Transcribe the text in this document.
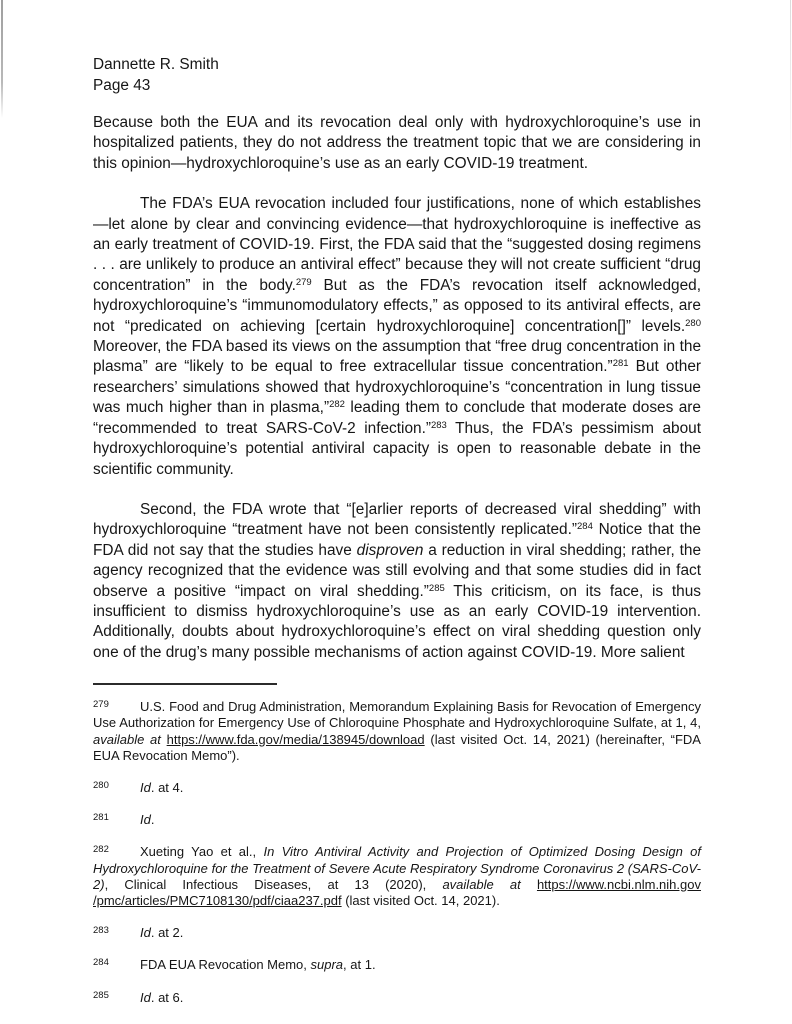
Dannette R. Smith
Page 43

Because both the EUA and its revocation deal only with hydroxychloroquine’s use in hospitalized patients, they do not address the treatment topic that we are considering in this opinion—hydroxychloroquine’s use as an early COVID-19 treatment.

The FDA’s EUA revocation included four justifications, none of which establishes—let alone by clear and convincing evidence—that hydroxychloroquine is ineffective as an early treatment of COVID-19. First, the FDA said that the “suggested dosing regimens . . . are unlikely to produce an antiviral effect” because they will not create sufficient “drug concentration” in the body.$^{279}$ But as the FDA’s revocation itself acknowledged, hydroxychloroquine’s “immunomodulatory effects,” as opposed to its antiviral effects, are not “predicated on achieving [certain hydroxychloroquine] concentration[]” levels.$^{280}$ Moreover, the FDA based its views on the assumption that “free drug concentration in the plasma” are “likely to be equal to free extracellular tissue concentration.”$^{281}$ But other researchers’ simulations showed that hydroxychloroquine’s “concentration in lung tissue was much higher than in plasma,”$^{282}$ leading them to conclude that moderate doses are “recommended to treat SARS-CoV-2 infection.”$^{283}$ Thus, the FDA’s pessimism about hydroxychloroquine’s potential antiviral capacity is open to reasonable debate in the scientific community.

Second, the FDA wrote that “[e]arlier reports of decreased viral shedding” with hydroxychloroquine “treatment have not been consistently replicated.”$^{284}$ Notice that the FDA did not say that the studies have disproven a reduction in viral shedding; rather, the agency recognized that the evidence was still evolving and that some studies did in fact observe a positive “impact on viral shedding.”$^{285}$ This criticism, on its face, is thus insufficient to dismiss hydroxychloroquine’s use as an early COVID-19 intervention. Additionally, doubts about hydroxychloroquine’s effect on viral shedding question only one of the drug’s many possible mechanisms of action against COVID-19. More salient

279 U.S. Food and Drug Administration, Memorandum Explaining Basis for Revocation of Emergency Use Authorization for Emergency Use of Chloroquine Phosphate and Hydroxychloroquine Sulfate, at 1, 4, available at https://www.fda.gov/media/138945/download (last visited Oct. 14, 2021) (hereinafter, “FDA EUA Revocation Memo”).
280 Id. at 4.
281 Id.
282 Xueting Yao et al., In Vitro Antiviral Activity and Projection of Optimized Dosing Design of Hydroxychloroquine for the Treatment of Severe Acute Respiratory Syndrome Coronavirus 2 (SARS-CoV-2), Clinical Infectious Diseases, at 13 (2020), available at https://www.ncbi.nlm.nih.gov /pmc/articles/PMC7108130/pdf/ciaa237.pdf (last visited Oct. 14, 2021).
283 Id. at 2.
284 FDA EUA Revocation Memo, supra, at 1.
285 Id. at 6.
